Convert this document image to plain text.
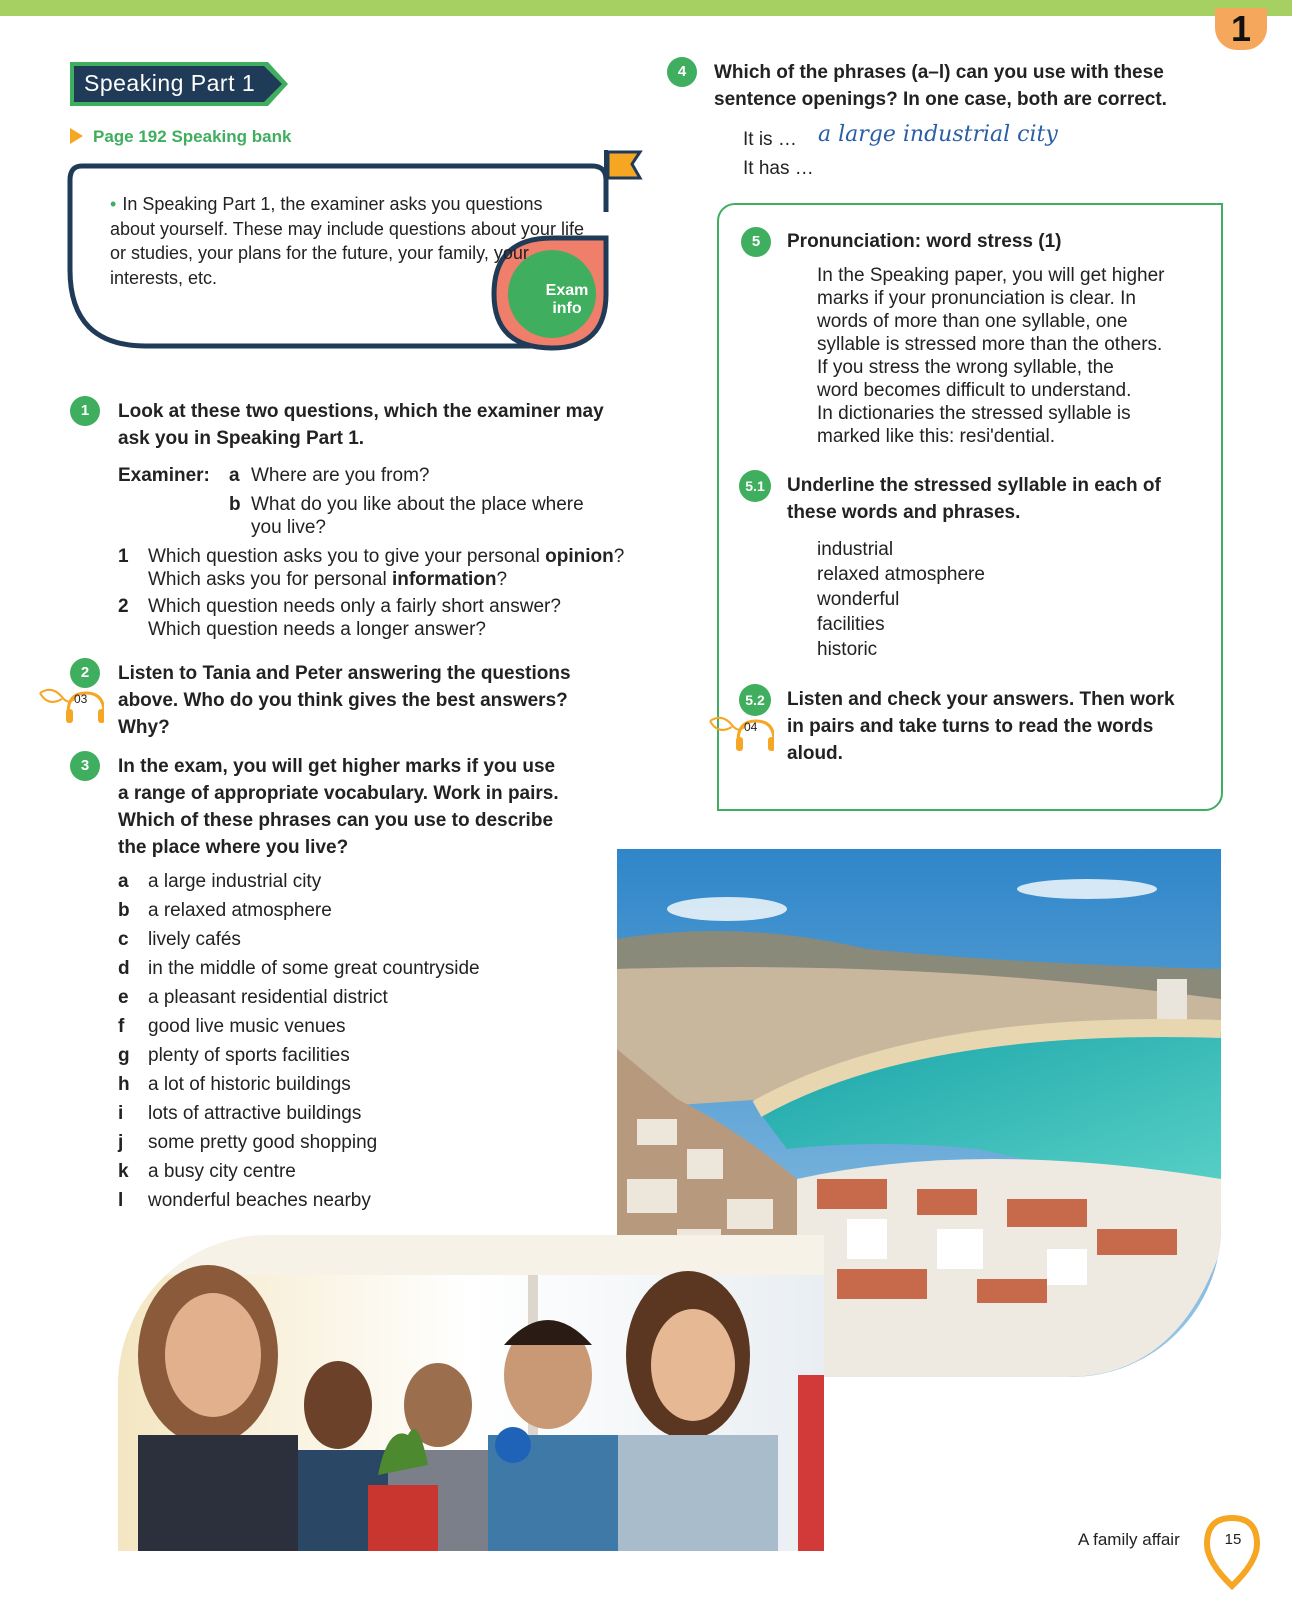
1
Speaking Part 1
Page 192 Speaking bank
• In Speaking Part 1, the examiner asks you questions about yourself. These may include questions about your life or studies, your plans for the future, your family, your interests, etc.
Exam
info
1	Look at these two questions, which the examiner may ask you in Speaking Part 1.
Examiner: a Where are you from?
b What do you like about the place where you live?
1 Which question asks you to give your personal opinion? Which asks you for personal information?
2 Which question needs only a fairly short answer?
Which question needs a longer answer?
2
03
Listen to Tania and Peter answering the questions above. Who do you think gives the best answers? Why?
3	In the exam, you will get higher marks if you use a range of appropriate vocabulary. Work in pairs. Which of these phrases can you use to describe the place where you live?
a a large industrial city
b a relaxed atmosphere
c lively cafés
d in the middle of some great countryside
e a pleasant residential district
f good live music venues
g plenty of sports facilities
h a lot of historic buildings
i lots of attractive buildings
j some pretty good shopping
k a busy city centre
l wonderful beaches nearby
4	Which of the phrases (a–l) can you use with these sentence openings? In one case, both are correct.
It is … a large industrial city
It has …
5	Pronunciation: word stress (1)
In the Speaking paper, you will get higher
marks if your pronunciation is clear. In
words of more than one syllable, one
syllable is stressed more than the others.
If you stress the wrong syllable, the
word becomes difficult to understand.
In dictionaries the stressed syllable is
marked like this: resi'dential.
5.1	Underline the stressed syllable in each of these words and phrases.
industrial
relaxed atmosphere
wonderful
facilities
historic
5.2
04
Listen and check your answers. Then work in pairs and take turns to read the words aloud.
A family affair	15
